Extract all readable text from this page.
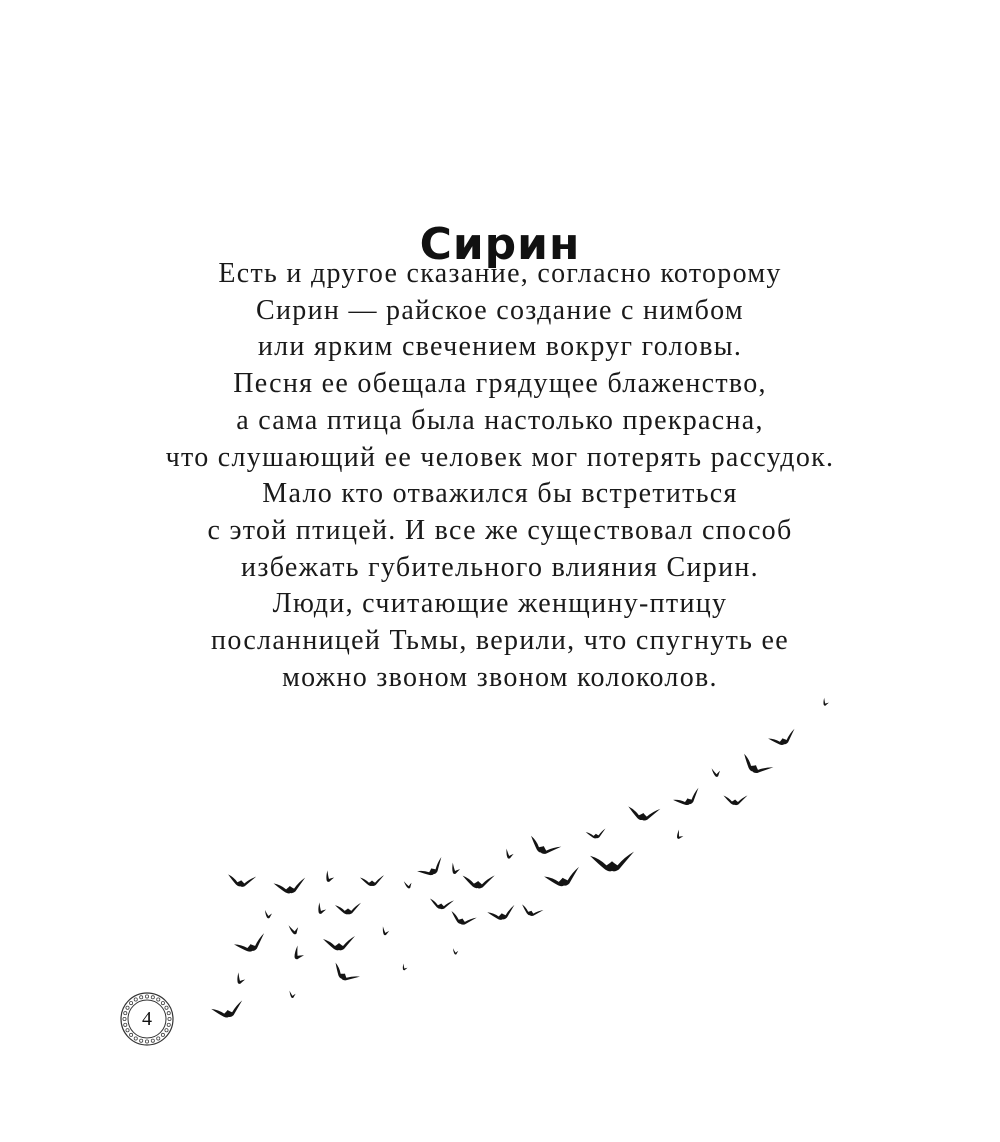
Сирин
Есть и другое сказание, согласно которому
Сирин — райское создание с нимбом
или ярким свечением вокруг головы.
Песня ее обещала грядущее блаженство,
а сама птица была настолько прекрасна,
что слушающий ее человек мог потерять рассудок.
Мало кто отважился бы встретиться
с этой птицей. И все же существовал способ
избежать губительного влияния Сирин.
Люди, считающие женщину-птицу
посланницей Тьмы, верили, что спугнуть ее
можно звоном звоном колоколов.
4
